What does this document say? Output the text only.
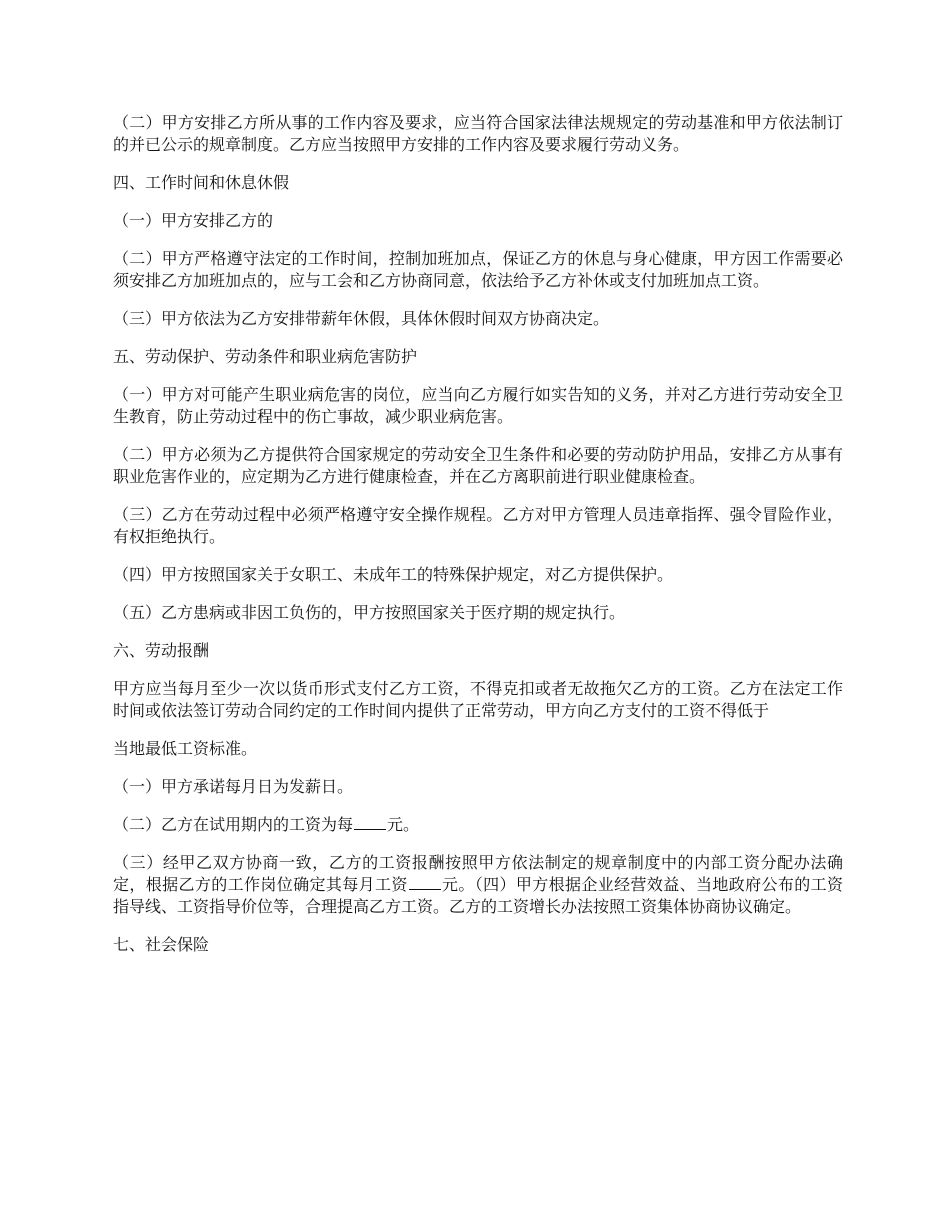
（二）甲方安排乙方所从事的工作内容及要求，应当符合国家法律法规规定的劳动基准和甲方依法制订的并已公示的规章制度。乙方应当按照甲方安排的工作内容及要求履行劳动义务。

四、工作时间和休息休假

（一）甲方安排乙方的

（二）甲方严格遵守法定的工作时间，控制加班加点，保证乙方的休息与身心健康，甲方因工作需要必须安排乙方加班加点的，应与工会和乙方协商同意，依法给予乙方补休或支付加班加点工资。

（三）甲方依法为乙方安排带薪年休假，具体休假时间双方协商决定。

五、劳动保护、劳动条件和职业病危害防护

（一）甲方对可能产生职业病危害的岗位，应当向乙方履行如实告知的义务，并对乙方进行劳动安全卫生教育，防止劳动过程中的伤亡事故，减少职业病危害。

（二）甲方必须为乙方提供符合国家规定的劳动安全卫生条件和必要的劳动防护用品，安排乙方从事有职业危害作业的，应定期为乙方进行健康检查，并在乙方离职前进行职业健康检查。

（三）乙方在劳动过程中必须严格遵守安全操作规程。乙方对甲方管理人员违章指挥、强令冒险作业，有权拒绝执行。

（四）甲方按照国家关于女职工、未成年工的特殊保护规定，对乙方提供保护。

（五）乙方患病或非因工负伤的，甲方按照国家关于医疗期的规定执行。

六、劳动报酬

甲方应当每月至少一次以货币形式支付乙方工资，不得克扣或者无故拖欠乙方的工资。乙方在法定工作时间或依法签订劳动合同约定的工作时间内提供了正常劳动，甲方向乙方支付的工资不得低于

当地最低工资标准。

（一）甲方承诺每月日为发薪日。

（二）乙方在试用期内的工资为每 元。

（三）经甲乙双方协商一致，乙方的工资报酬按照甲方依法制定的规章制度中的内部工资分配办法确定，根据乙方的工作岗位确定其每月工资 元。（四）甲方根据企业经营效益、当地政府公布的工资指导线、工资指导价位等，合理提高乙方工资。乙方的工资增长办法按照工资集体协商协议确定。

七、社会保险
